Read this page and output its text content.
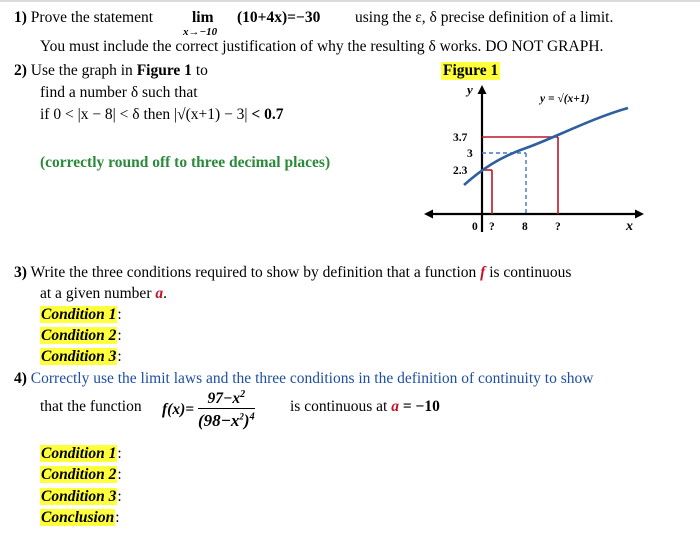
1) Prove the statement	lim
x→−10
(10+4x)=−30 using the ε, δ precise definition of a limit.
You must include the correct justification of why the resulting δ works. DO NOT GRAPH.
2) Use the graph in Figure 1 to
find a number δ such that
if 0 < |x − 8| < δ then |√(x+1) − 3| < 0.7
(correctly round off to three decimal places)
Figure 1
y
x
y = √(x+1)
3.7
3
2.3
0 ? 8 ?
3) Write the three conditions required to show by definition that a function f is continuous
at a given number a.
Condition 1:
Condition 2:
Condition 3:
4) Correctly use the limit laws and the three conditions in the definition of continuity to show
that the function $f(x)= \frac{97-x^2}{(98-x^2)^4}$ is continuous at a = −10
Condition 1:
Condition 2:
Condition 3:
Conclusion:
